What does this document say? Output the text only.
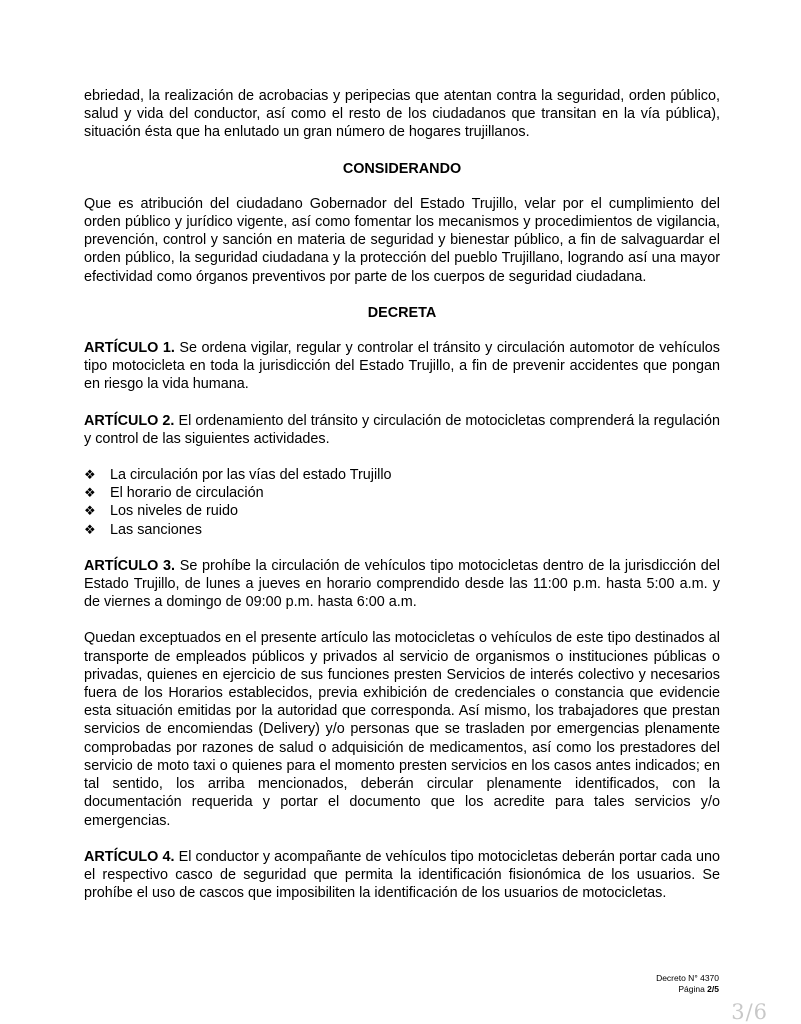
ebriedad, la realización de acrobacias y peripecias que atentan contra la seguridad, orden público, salud y vida del conductor, así como el resto de los ciudadanos que transitan en la vía pública), situación ésta que ha enlutado un gran número de hogares trujillanos.

CONSIDERANDO

Que es atribución del ciudadano Gobernador del Estado Trujillo, velar por el cumplimiento del orden público y jurídico vigente, así como fomentar los mecanismos y procedimientos de vigilancia, prevención, control y sanción en materia de seguridad y bienestar público, a fin de salvaguardar el orden público, la seguridad ciudadana y la protección del pueblo Trujillano, logrando así una mayor efectividad como órganos preventivos por parte de los cuerpos de seguridad ciudadana.

DECRETA

ARTÍCULO 1. Se ordena vigilar, regular y controlar el tránsito y circulación automotor de vehículos tipo motocicleta en toda la jurisdicción del Estado Trujillo, a fin de prevenir accidentes que pongan en riesgo la vida humana.

ARTÍCULO 2. El ordenamiento del tránsito y circulación de motocicletas comprenderá la regulación y control de las siguientes actividades.

❖ La circulación por las vías del estado Trujillo
❖ El horario de circulación
❖ Los niveles de ruido
❖ Las sanciones

ARTÍCULO 3. Se prohíbe la circulación de vehículos tipo motocicletas dentro de la jurisdicción del Estado Trujillo, de lunes a jueves en horario comprendido desde las 11:00 p.m. hasta 5:00 a.m. y de viernes a domingo de 09:00 p.m. hasta 6:00 a.m.

Quedan exceptuados en el presente artículo las motocicletas o vehículos de este tipo destinados al transporte de empleados públicos y privados al servicio de organismos o instituciones públicas o privadas, quienes en ejercicio de sus funciones presten Servicios de interés colectivo y necesarios fuera de los Horarios establecidos, previa exhibición de credenciales o constancia que evidencie esta situación emitidas por la autoridad que corresponda. Así mismo, los trabajadores que prestan servicios de encomiendas (Delivery) y/o personas que se trasladen por emergencias plenamente comprobadas por razones de salud o adquisición de medicamentos, así como los prestadores del servicio de moto taxi o quienes para el momento presten servicios en los casos antes indicados; en tal sentido, los arriba mencionados, deberán circular plenamente identificados, con la documentación requerida y portar el documento que los acredite para tales servicios y/o emergencias.

ARTÍCULO 4. El conductor y acompañante de vehículos tipo motocicletas deberán portar cada uno el respectivo casco de seguridad que permita la identificación fisionómica de los usuarios. Se prohíbe el uso de cascos que imposibiliten la identificación de los usuarios de motocicletas.

Decreto N° 4370
Página 2/5
3/6
